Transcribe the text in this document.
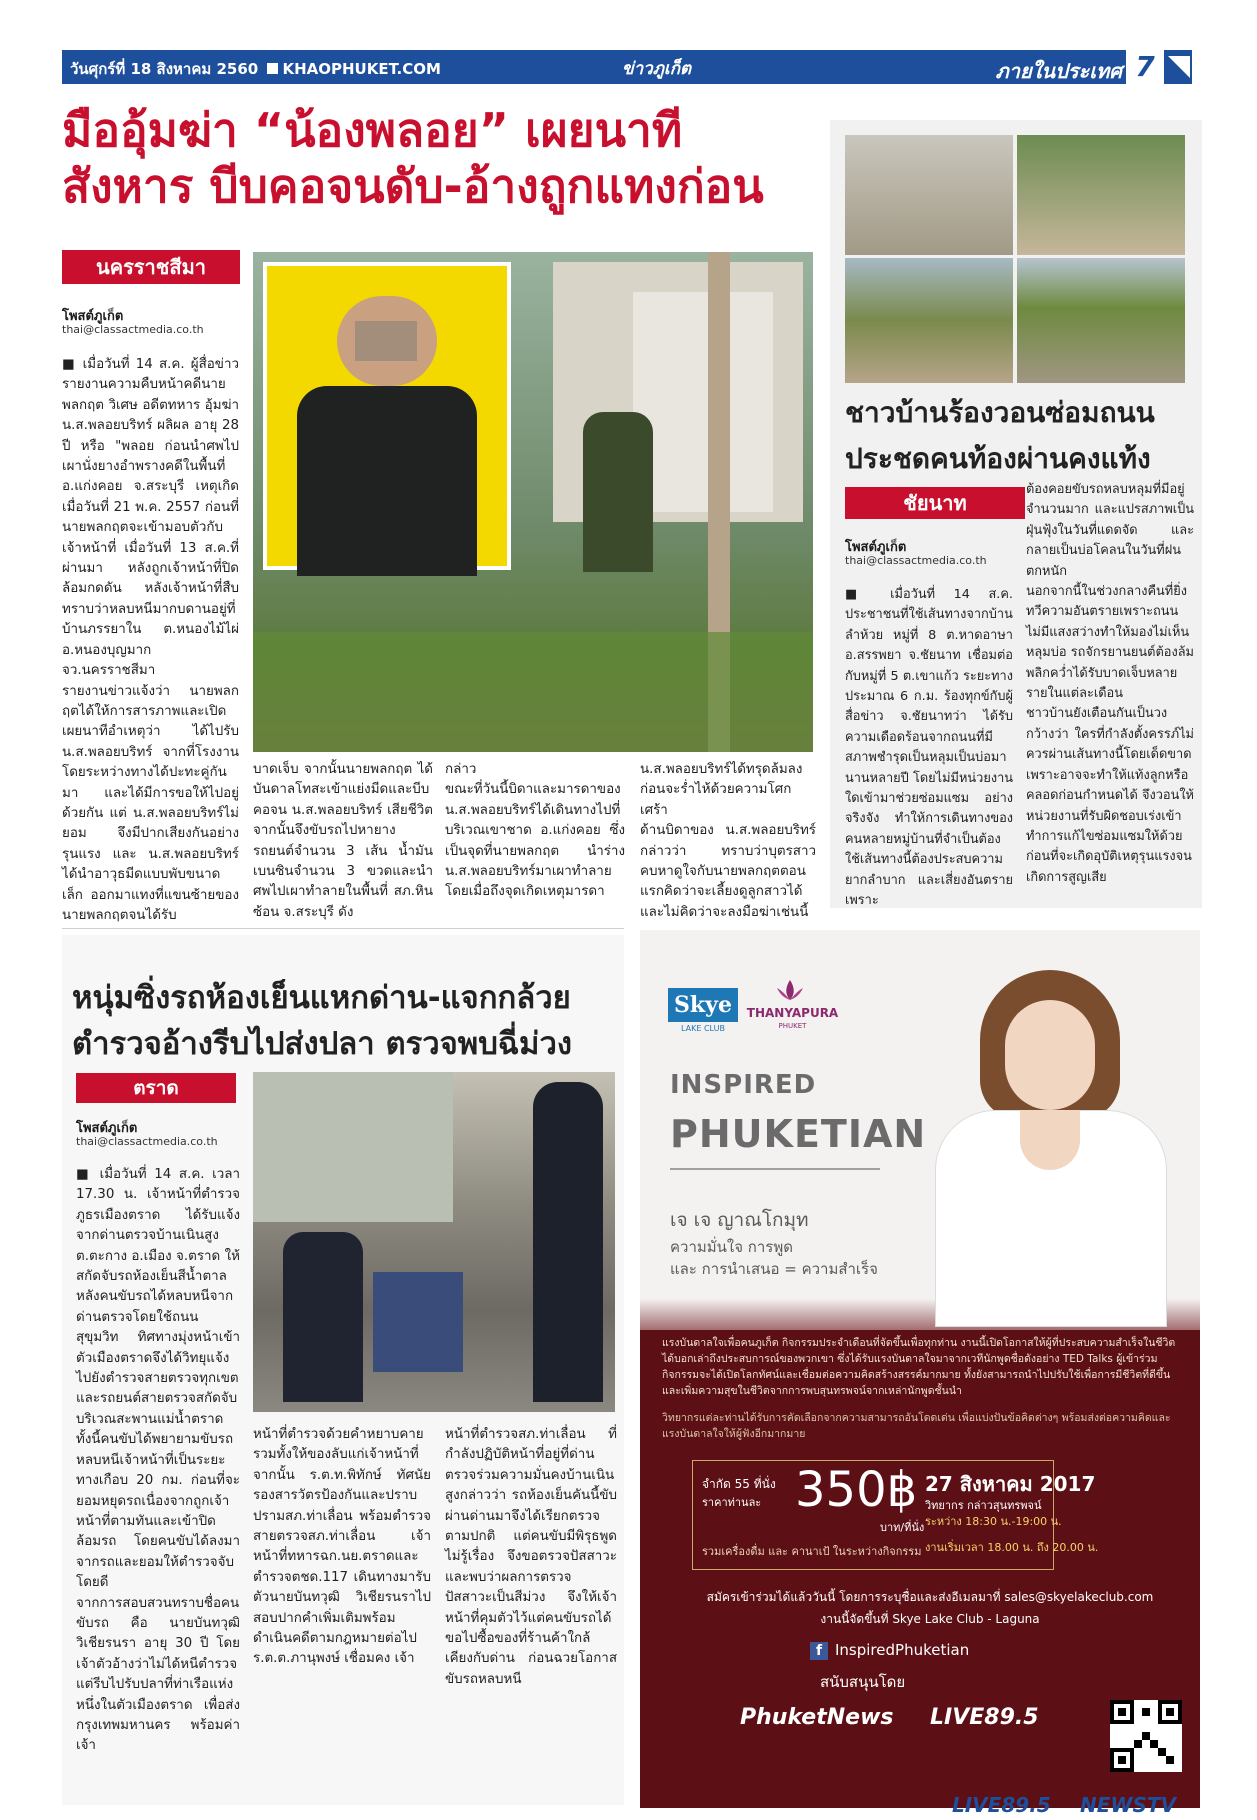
วันศุกร์ที่ 18 สิงหาคม 2560 KHAOPHUKET.COM	ข่าวภูเก็ต	ภายในประเทศ 7
มืออุ้มฆ่า “น้องพลอย” เผยนาที
สังหาร บีบคอจนดับ-อ้างถูกแทงก่อน
นครราชสีมา
โพสต์ภูเก็ต
thai@classactmedia.co.th
■ เมื่อวันที่ 14 ส.ค. ผู้สื่อข่าวรายงานความคืบหน้าคดีนายพลกฤต วิเศษ อดีตทหาร อุ้มฆ่า น.ส.พลอยบริทร์ ผลิผล อายุ 28 ปี หรือ "พลอย ก่อนนำศพไปเผานั่งยางอำพรางคดีในพื้นที่ อ.แก่งคอย จ.สระบุรี เหตุเกิดเมื่อวันที่ 21 พ.ค. 2557 ก่อนที่นายพลกฤตจะเข้ามอบตัวกับเจ้าหน้าที่ เมื่อวันที่ 13 ส.ค.ที่ผ่านมา หลังถูกเจ้าหน้าที่ปิดล้อมกดดัน หลังเจ้าหน้าที่สืบทราบว่าหลบหนีมากบดานอยู่ที่บ้านภรรยาใน ต.หนองไม้ไผ่ อ.หนองบุญมาก จว.นครราชสีมา
รายงานข่าวแจ้งว่า นายพลกฤตได้ให้การสารภาพและเปิดเผยนาทีอำเหตุว่า ได้ไปรับ น.ส.พลอยบริทร์ จากที่โรงงาน โดยระหว่างทางได้ปะทะคู่กันมา และได้มีการขอให้ไปอยู่ด้วยกัน แต่ น.ส.พลอยบริทร์ไม่ยอม จึงมีปากเสียงกันอย่างรุนแรง และ น.ส.พลอยบริทร์ ได้นำอาวุธมีดแบบพับขนาดเล็ก ออกมาแทงที่แขนซ้ายของนายพลกฤตจนได้รับ
บาดเจ็บ จากนั้นนายพลกฤต ได้บันดาลโทสะเข้าแย่งมีดและบีบคอจน น.ส.พลอยบริทร์ เสียชีวิต จากนั้นจึงขับรถไปหายางรถยนต์จำนวน 3 เส้น น้ำมันเบนซินจำนวน 3 ขวดและนำศพไปเผาทำลายในพื้นที่ สภ.หินซ้อน จ.สระบุรี ดัง
กล่าว
ขณะที่วันนี้บิดาและมารดาของ น.ส.พลอยบริทร์ได้เดินทางไปที่บริเวณเขาชาด อ.แก่งคอย ซึ่งเป็นจุดที่นายพลกฤต นำร่าง น.ส.พลอยบริทร์มาเผาทำลายโดยเมื่อถึงจุดเกิดเหตุมารดา
น.ส.พลอยบริทร์ได้ทรุดล้มลงก่อนจะร่ำไห้ด้วยความโศกเศร้า
ด้านบิดาของ น.ส.พลอยบริทร์กล่าวว่า ทราบว่าบุตรสาวคบหาดูใจกับนายพลกฤตตอนแรกคิดว่าจะเลี้ยงดูลูกสาวได้และไม่คิดว่าจะลงมือฆ่าเช่นนี้
ชาวบ้านร้องวอนซ่อมถนน
ประชดคนท้องผ่านคงแท้ง
ชัยนาท
โพสต์ภูเก็ต
thai@classactmedia.co.th
■ เมื่อวันที่ 14 ส.ค. ประชาชนที่ใช้เส้นทางจากบ้านลำห้วย หมู่ที่ 8 ต.หาดอาษา อ.สรรพยา จ.ชัยนาท เชื่อมต่อกับหมู่ที่ 5 ต.เขาแก้ว ระยะทางประมาณ 6 ก.ม. ร้องทุกข์กับผู้สื่อข่าว จ.ชัยนาทว่า ได้รับความเดือดร้อนจากถนนที่มีสภาพชำรุดเป็นหลุมเป็นบ่อมานานหลายปี โดยไม่มีหน่วยงานใดเข้ามาช่วยซ่อมแซม อย่างจริงจัง ทำให้การเดินทางของคนหลายหมู่บ้านที่จำเป็นต้องใช้เส้นทางนี้ต้องประสบความยากลำบาก และเสี่ยงอันตรายเพราะ
ต้องคอยขับรถหลบหลุมที่มีอยู่จำนวนมาก และแปรสภาพเป็นฝุ่นฟุ้งในวันที่แดดจัด และกลายเป็นบ่อโคลนในวันที่ฝนตกหนัก
นอกจากนี้ในช่วงกลางคืนที่ยิ่งทวีความอันตรายเพราะถนนไม่มีแสงสว่างทำให้มองไม่เห็นหลุมบ่อ รถจักรยานยนต์ต้องล้มพลิกคว่ำได้รับบาดเจ็บหลายรายในแต่ละเดือน
ชาวบ้านยังเตือนกันเป็นวงกว้างว่า ใครที่กำลังตั้งครรภ์ไม่ควรผ่านเส้นทางนี้โดยเด็ดขาด เพราะอาจจะทำให้แท้งลูกหรือคลอดก่อนกำหนดได้ จึงวอนให้หน่วยงานที่รับผิดชอบเร่งเข้าทำการแก้ไขซ่อมแซมให้ด้วยก่อนที่จะเกิดอุบัติเหตุรุนแรงจนเกิดการสูญเสีย
หนุ่มซิ่งรถห้องเย็นแหกด่าน-แจกกล้วย
ตำรวจอ้างรีบไปส่งปลา ตรวจพบฉี่ม่วง
ตราด
โพสต์ภูเก็ต
thai@classactmedia.co.th
■ เมื่อวันที่ 14 ส.ค. เวลา 17.30 น. เจ้าหน้าที่ตำรวจภูธรเมืองตราด ได้รับแจ้งจากด่านตรวจบ้านเนินสูง ต.ตะกาง อ.เมือง จ.ตราด ให้สกัดจับรถห้องเย็นสีน้ำตาล หลังคนขับรถได้หลบหนีจากด่านตรวจโดยใช้ถนนสุขุมวิท ทิศทางมุ่งหน้าเข้าตัวเมืองตราดจึงได้วิทยุแจ้งไปยังตำรวจสายตรวจทุกเขตและรถยนต์สายตรวจสกัดจับบริเวณสะพานแม่น้ำตราด
ทั้งนี้คนขับได้พยายามขับรถหลบหนีเจ้าหน้าที่เป็นระยะทางเกือบ 20 กม. ก่อนที่จะยอมหยุดรถเนื่องจากถูกเจ้าหน้าที่ตามทันและเข้าปิดล้อมรถ โดยคนขับได้ลงมาจากรถและยอมให้ตำรวจจับโดยดี
จากการสอบสวนทราบชื่อคนขับรถ คือ นายบันทวุฒิ วิเชียรนรา อายุ 30 ปี โดยเจ้าตัวอ้างว่าไม่ได้หนีตำรวจ แต่รีบไปรับปลาที่ท่าเรือแห่งหนึ่งในตัวเมืองตราด เพื่อส่งกรุงเทพมหานคร พร้อมค่าเจ้า
หน้าที่ตำรวจด้วยคำหยาบคายรวมทั้งให้ของลับแก่เจ้าหน้าที่
จากนั้น ร.ต.ท.พิทักษ์ ทัศนัยรองสารวัตรป้องกันและปราบปรามสภ.ท่าเลื่อน พร้อมตำรวจสายตรวจสภ.ท่าเลื่อน เจ้าหน้าที่ทหารฉก.นย.ตราดและตำรวจตชด.117 เดินทางมารับตัวนายบันทวุฒิ วิเชียรนราไปสอบปากคำเพิ่มเติมพร้อมดำเนินคดีตามกฎหมายต่อไป
ร.ต.ต.ภานุพงษ์ เชื่อมคง เจ้า
หน้าที่ตำรวจสภ.ท่าเลื่อน ที่กำลังปฏิบัติหน้าที่อยู่ที่ด่านตรวจร่วมความมั่นคงบ้านเนินสูงกล่าวว่า รถห้องเย็นคันนี้ขับผ่านด่านมาจึงได้เรียกตรวจตามปกติ แต่คนขับมีพิรุธพูดไม่รู้เรื่อง จึงขอตรวจปัสสาวะ และพบว่าผลการตรวจปัสสาวะเป็นสีม่วง จึงให้เจ้าหน้าที่คุมตัวไว้แต่คนขับรถได้ขอไปซื้อของที่ร้านค้าใกล้เคียงกับด่าน ก่อนฉวยโอกาสขับรถหลบหนี
Skye
LAKE CLUB
THANYAPURA
PHUKET
INSPIRED
PHUKETIAN
เจ เจ ญาณโกมุท
ความมั่นใจ การพูด
และ การนำเสนอ = ความสำเร็จ
แรงบันดาลใจเพื่อคนภูเก็ต กิจกรรมประจำเดือนที่จัดขึ้นเพื่อทุกท่าน งานนี้เปิดโอกาสให้ผู้ที่ประสบความสำเร็จในชีวิตได้บอกเล่าถึงประสบการณ์ของพวกเขา ซึ่งได้รับแรงบันดาลใจมาจากเวทีนักพูดชื่อดังอย่าง TED Talks ผู้เข้าร่วมกิจกรรมจะได้เปิดโลกทัศน์และเชื่อมต่อความคิดสร้างสรรค์มากมาย ทั้งยังสามารถนำไปปรับใช้เพื่อการมีชีวิตที่ดีขึ้น และเพิ่มความสุขในชีวิตจากการพบสุนทรพจน์จากเหล่านักพูดชั้นนำ
วิทยากรแต่ละท่านได้รับการคัดเลือกจากความสามารถอันโดดเด่น เพื่อแบ่งปันข้อคิดต่างๆ พร้อมส่งต่อความคิดและแรงบันดาลใจให้ผู้ฟังอีกมากมาย
จำกัด 55 ที่นั่ง
ราคาท่านละ 350฿
บาท/ที่นั่ง
รวมเครื่องดื่ม และ คานาเป้ ในระหว่างกิจกรรม
27 สิงหาคม 2017
วิทยากร กล่าวสุนทรพจน์
ระหว่าง 18:30 น.-19:00 น.
งานเริ่มเวลา 18.00 น. ถึง 20.00 น.
สมัครเข้าร่วมได้แล้ววันนี้ โดยการระบุชื่อและส่งอีเมลมาที่ sales@skyelakeclub.com
งานนี้จัดขึ้นที่ Skye Lake Club - Laguna
f InspiredPhuketian
สนับสนุนโดย
PhuketNews LIVE89.5
LIVE89.5 NEWSTV
